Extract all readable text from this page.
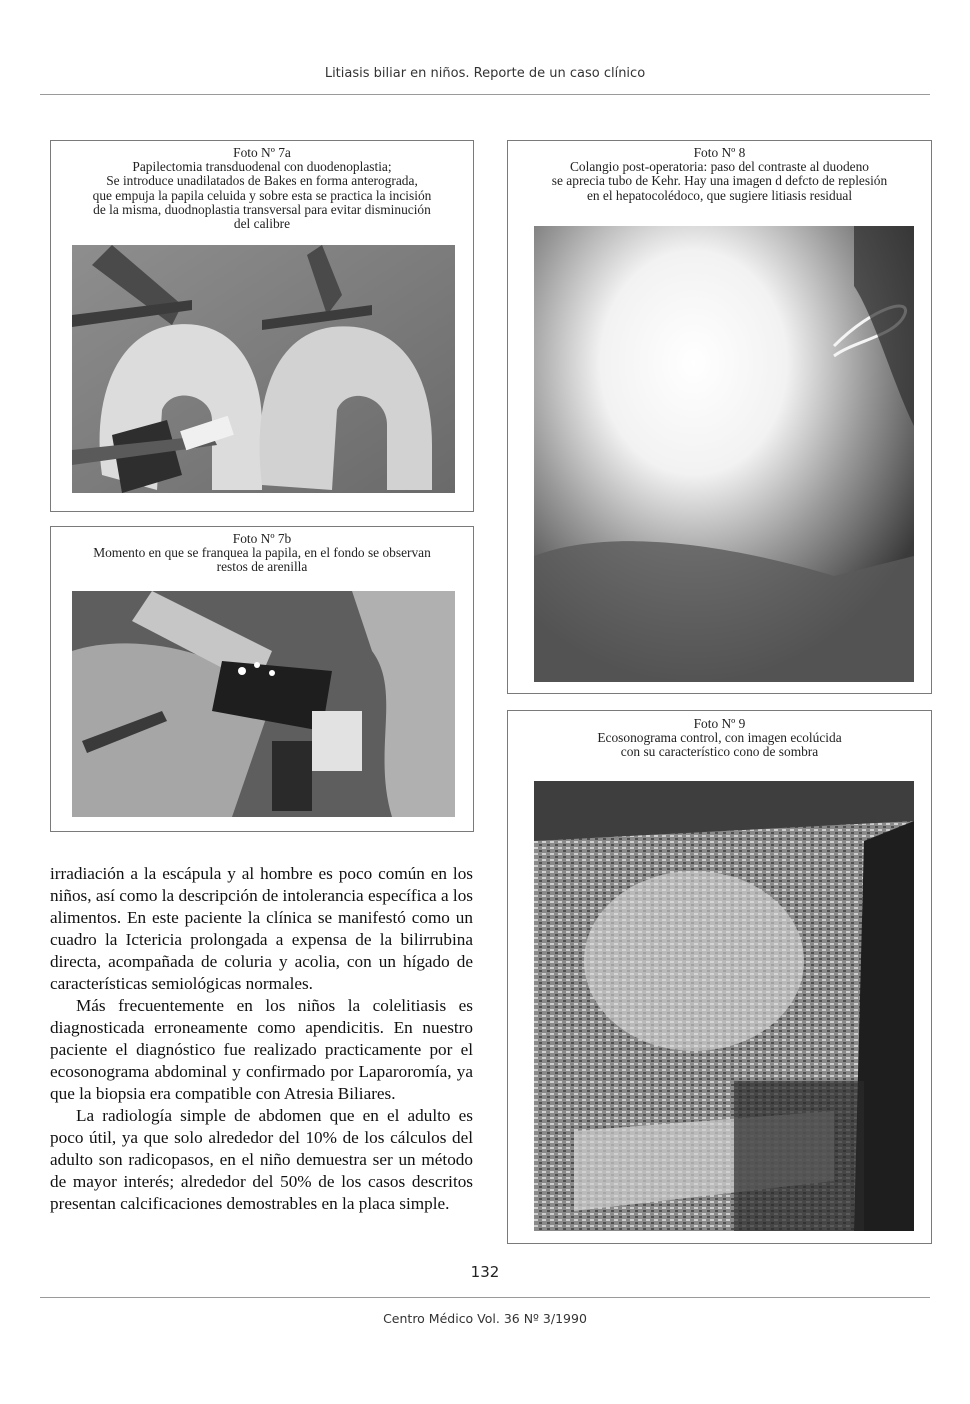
Litiasis biliar en niños. Reporte de un caso clínico
Foto Nº 7a
Papilectomia transduodenal con duodenoplastia;
Se introduce unadilatados de Bakes en forma anterograda,
que empuja la papila celuida y sobre esta se practica la incisión
de la misma, duodnoplastia transversal para evitar disminución
del calibre
Foto Nº 7b
Momento en que se franquea la papila, en el fondo se observan
restos de arenilla
Foto Nº 8
Colangio post-operatoria: paso del contraste al duodeno
se aprecia tubo de Kehr. Hay una imagen d defcto de replesión
en el hepatocolédoco, que sugiere litiasis residual
Foto Nº 9
Ecosonograma control, con imagen ecolúcida
con su característico cono de sombra

irradiación a la escápula y al hombre es poco común en los niños, así como la descripción de intolerancia específica a los alimentos. En este paciente la clínica se manifestó como un cuadro la Ictericia prolongada a expensa de la bilirrubina directa, acompañada de coluria y acolia, con un hígado de características semiológicas normales.

Más frecuentemente en los niños la colelitiasis es diagnosticada erroneamente como apendicitis. En nuestro paciente el diagnóstico fue realizado practicamente por el ecosonograma abdominal y confirmado por Laparoromía, ya que la biopsia era compatible con Atresia Biliares.

La radiología simple de abdomen que en el adulto es poco útil, ya que solo alrededor del 10% de los cálculos del adulto son radicopasos, en el niño demuestra ser un método de mayor interés; alrededor del 50% de los casos descritos presentan calcificaciones demostrables en la placa simple.

132
Centro Médico Vol. 36 Nº 3/1990
